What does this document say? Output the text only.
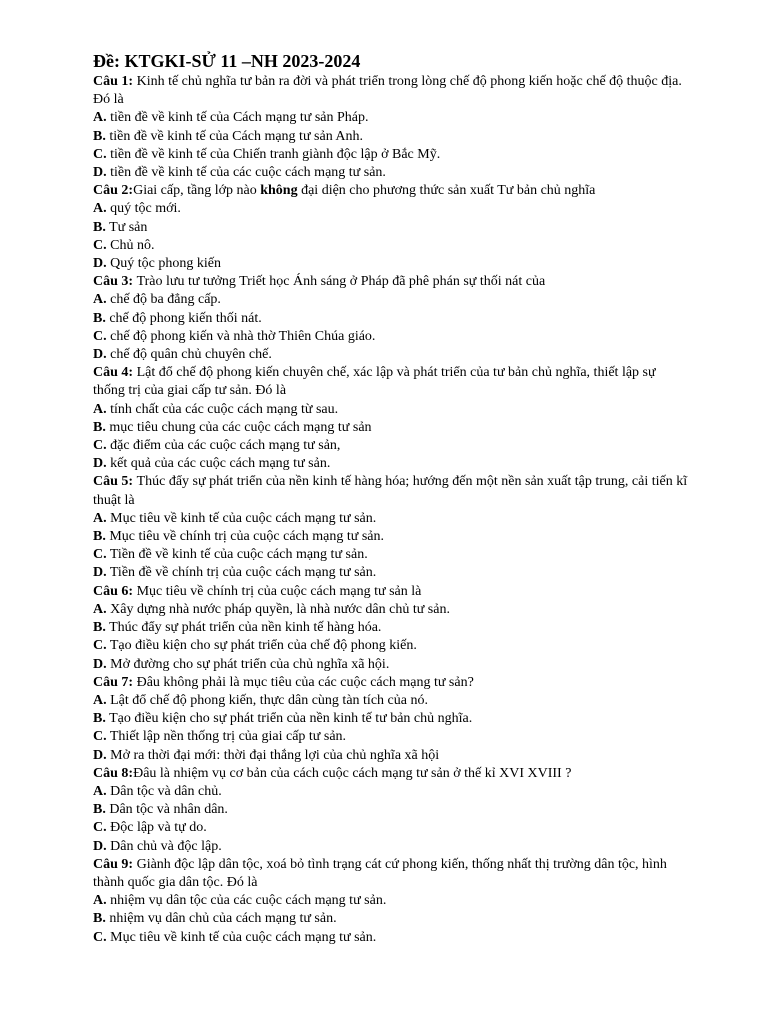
Đề: KTGKI-SỬ 11 –NH 2023-2024
Câu 1: Kinh tế chủ nghĩa tư bản ra đời và phát triển trong lòng chế độ phong kiến hoặc chế độ thuộc địa. Đó là
A. tiền đề về kinh tế của Cách mạng tư sản Pháp.
B. tiền đề về kinh tế của Cách mạng tư sản Anh.
C. tiền đề về kinh tế của Chiến tranh giành độc lập ở Bắc Mỹ.
D. tiền đề về kinh tế của các cuộc cách mạng tư sản.
Câu 2:Giai cấp, tầng lớp nào không đại diện cho phương thức sản xuất Tư bản chủ nghĩa
A. quý tộc mới.
B. Tư sản
C. Chủ nô.
D. Quý tộc phong kiến
Câu 3: Trào lưu tư tưởng Triết học Ánh sáng ở Pháp đã phê phán sự thối nát của
A. chế độ ba đẳng cấp.
B. chế độ phong kiến thối nát.
C. chế độ phong kiến và nhà thờ Thiên Chúa giáo.
D. chế độ quân chủ chuyên chế.
Câu 4: Lật đổ chế độ phong kiến chuyên chế, xác lập và phát triển của tư bản chủ nghĩa, thiết lập sự thống trị của giai cấp tư sản. Đó là
A. tính chất của các cuộc cách mạng từ sau.
B. mục tiêu chung của các cuộc cách mạng tư sản
C. đặc điểm của các cuộc cách mạng tư sản,
D. kết quả của các cuộc cách mạng tư sản.
Câu 5: Thúc đẩy sự phát triển của nền kinh tế hàng hóa; hướng đến một nền sản xuất tập trung, cải tiến kĩ thuật là
A. Mục tiêu về kinh tế của cuộc cách mạng tư sản.
B. Mục tiêu về chính trị của cuộc cách mạng tư sản.
C. Tiền đề về kinh tế của cuộc cách mạng tư sản.
D. Tiền đề về chính trị của cuộc cách mạng tư sản.
Câu 6: Mục tiêu về chính trị của cuộc cách mạng tư sản là
A. Xây dựng nhà nước pháp quyền, là nhà nước dân chủ tư sản.
B. Thúc đẩy sự phát triển của nền kinh tế hàng hóa.
C. Tạo điều kiện cho sự phát triển của chế độ phong kiến.
D. Mở đường cho sự phát triển của chủ nghĩa xã hội.
Câu 7: Đâu không phải là mục tiêu của các cuộc cách mạng tư sản?
A. Lật đổ chế độ phong kiến, thực dân cùng tàn tích của nó.
B. Tạo điều kiện cho sự phát triển của nền kinh tế tư bản chủ nghĩa.
C. Thiết lập nền thống trị của giai cấp tư sản.
D. Mở ra thời đại mới: thời đại thắng lợi của chủ nghĩa xã hội
Câu 8:Đâu là nhiệm vụ cơ bản của cách cuộc cách mạng tư sản ở thế kỉ XVI XVIII ?
A. Dân tộc và dân chủ.
B. Dân tộc và nhân dân.
C. Độc lập và tự do.
D. Dân chủ và độc lập.
Câu 9: Giành độc lập dân tộc, xoá bỏ tình trạng cát cứ phong kiến, thống nhất thị trường dân tộc, hình thành quốc gia dân tộc. Đó là
A. nhiệm vụ dân tộc của các cuộc cách mạng tư sản.
B. nhiệm vụ dân chủ của cách mạng tư sản.
C. Mục tiêu về kinh tế của cuộc cách mạng tư sản.
